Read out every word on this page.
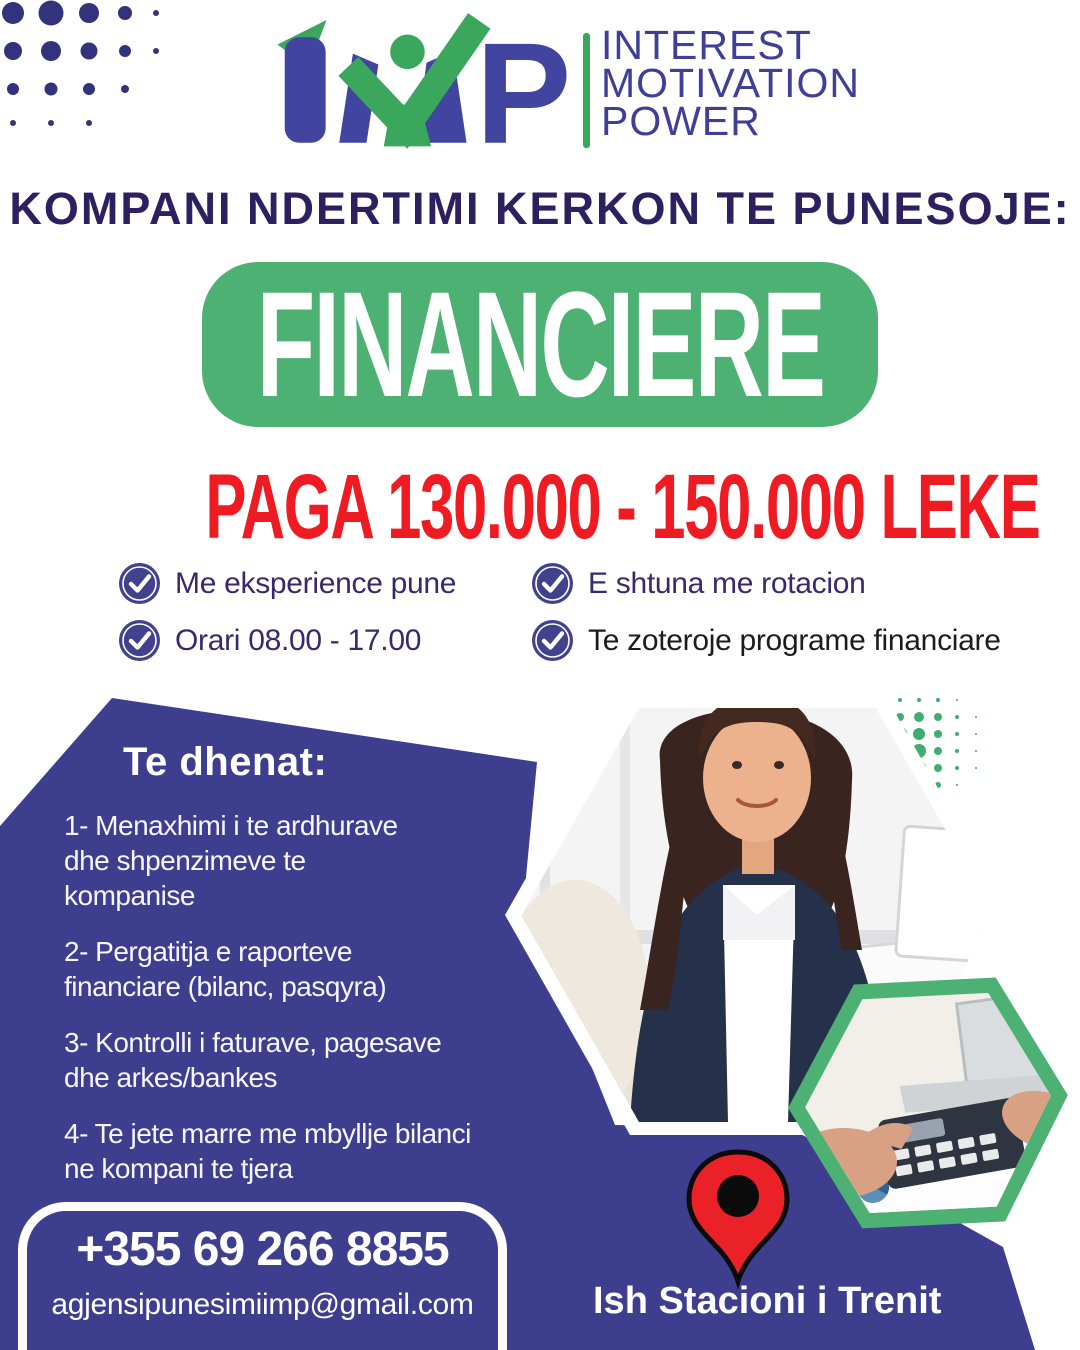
P INTEREST
MOTIVATION
POWER
KOMPANI NDERTIMI KERKON TE PUNESOJE:
FINANCIERE
PAGA 130.000 - 150.000 LEKE
Me eksperience pune	E shtuna me rotacion
Orari 08.00 - 17.00	Te zoteroje programe financiare
Te dhenat:
1- Menaxhimi i te ardhurave
dhe shpenzimeve te
kompanise
2- Pergatitja e raporteve
financiare (bilanc, pasqyra)
3- Kontrolli i faturave, pagesave
dhe arkes/bankes
4- Te jete marre me mbyllje bilanci
ne kompani te tjera
+355 69 266 8855
agjensipunesimiimp@gmail.com	Ish Stacioni i Trenit
